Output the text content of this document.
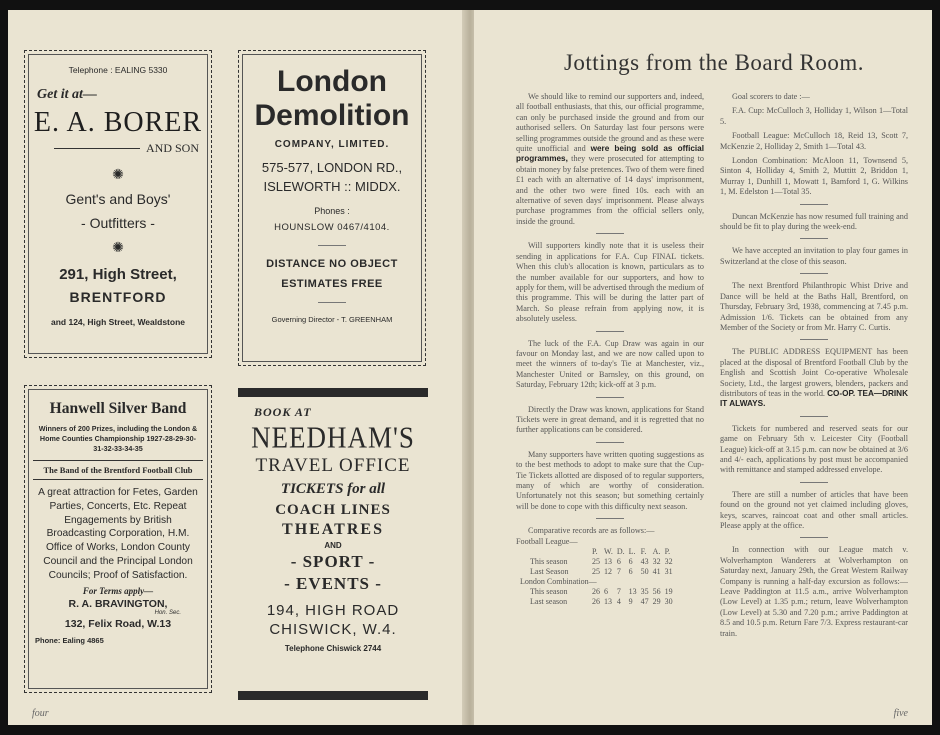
Telephone : EALING 5330
Get it at—
E. A. BORER
AND SON
✺
Gent's and Boys'
- Outfitters -
✺
291, High Street,
BRENTFORD
and 124, High Street, Wealdstone
London
Demolition
COMPANY, LIMITED.
575-577, LONDON RD.,
ISLEWORTH :: MIDDX.
Phones :
HOUNSLOW 0467/4104.
DISTANCE NO OBJECT
ESTIMATES FREE
Governing Director - T. GREENHAM
Hanwell Silver Band
Winners of 200 Prizes, including the London & Home Counties Championship 1927-28-29-30-31-32-33-34-35
The Band of the Brentford Football Club
A great attraction for Fetes, Garden Parties, Concerts, Etc. Repeat Engagements by British Broadcasting Corporation, H.M. Office of Works, London County Council and the Principal London Councils; Proof of Satisfaction.
For Terms apply—
R. A. BRAVINGTON,
Hon. Sec.
132, Felix Road, W.13
Phone: Ealing 4865
BOOK AT
NEEDHAM'S
TRAVEL OFFICE
TICKETS for all
COACH LINES
THEATRES
AND
- SPORT -
- EVENTS -
194, HIGH ROAD
CHISWICK, W.4.
Telephone Chiswick 2744
four
Jottings from the Board Room.

We should like to remind our supporters and, indeed, all football enthusiasts, that this, our official programme, can only be purchased inside the ground and from our authorised sellers. On Saturday last four persons were selling programmes outside the ground and as these were quite unofficial and were being sold as official programmes, they were prosecuted for attempting to obtain money by false pretences. Two of them were fined £1 each with an alternative of 14 days' imprisonment, and the other two were fined 10s. each with an alternative of seven days' imprisonment. Please always purchase programmes from the official sellers only, inside the ground.

Will supporters kindly note that it is useless their sending in applications for F.A. Cup FINAL tickets. When this club's allocation is known, particulars as to the number available for our supporters, and how to apply for them, will be advertised through the medium of this programme. This will be during the latter part of March. So please refrain from applying now, it is absolutely useless.

The luck of the F.A. Cup Draw was again in our favour on Monday last, and we are now called upon to meet the winners of to-day's Tie at Manchester, viz., Manchester United or Barnsley, on this ground, on Saturday, February 12th; kick-off at 3 p.m.

Directly the Draw was known, applications for Stand Tickets were in great demand, and it is regretted that no further applications can be considered.

Many supporters have written quoting suggestions as to the best methods to adopt to make sure that the Cup-Tie Tickets allotted are disposed of to regular supporters, many of which are worthy of consideration. Unfortunately not this season; but something certainly will be done to cope with this difficulty next season.

Comparative records are as follows:—

Football League—
	P.	W.	D.	L.	F.	A.	P.
This season	25	13	6	6	43	32	32
Last Season	25	12	7	6	50	41	31
London Combination—							
This season	26	6	7	13	35	56	19
Last season	26	13	4	9	47	29	30

Goal scorers to date :—

F.A. Cup: McCulloch 3, Holliday 1, Wilson 1—Total 5.

Football League: McCulloch 18, Reid 13, Scott 7, McKenzie 2, Holliday 2, Smith 1—Total 43.

London Combination: McAloon 11, Townsend 5, Sinton 4, Holliday 4, Smith 2, Muttitt 2, Briddon 1, Murray 1, Dunhill 1, Mowatt 1, Bamford 1, G. Wilkins 1, M. Edelston 1—Total 35.

Duncan McKenzie has now resumed full training and should be fit to play during the week-end.

We have accepted an invitation to play four games in Switzerland at the close of this season.

The next Brentford Philanthropic Whist Drive and Dance will be held at the Baths Hall, Brentford, on Thursday, February 3rd, 1938, commencing at 7.45 p.m. Admission 1/6. Tickets can be obtained from any Member of the Society or from Mr. Harry C. Curtis.

The PUBLIC ADDRESS EQUIPMENT has been placed at the disposal of Brentford Football Club by the English and Scottish Joint Co-operative Wholesale Society, Ltd., the largest growers, blenders, packers and distributors of teas in the world. CO-OP. TEA—DRINK IT ALWAYS.

Tickets for numbered and reserved seats for our game on February 5th v. Leicester City (Football League) kick-off at 3.15 p.m. can now be obtained at 3/6 and 4/- each, applications by post must be accompanied with remittance and stamped addressed envelope.

There are still a number of articles that have been found on the ground not yet claimed including gloves, keys, scarves, raincoat coat and other small articles. Please apply at the office.

In connection with our League match v. Wolverhampton Wanderers at Wolverhampton on Saturday next, January 29th, the Great Western Railway Company is running a half-day excursion as follows:—Leave Paddington at 11.5 a.m., arrive Wolverhampton (Low Level) at 1.35 p.m.; return, leave Wolverhampton (Low Level) at 5.30 and 7.20 p.m.; arrive Paddington at 8.5 and 10.5 p.m. Return Fare 7/3. Express restaurant-car train.

five
